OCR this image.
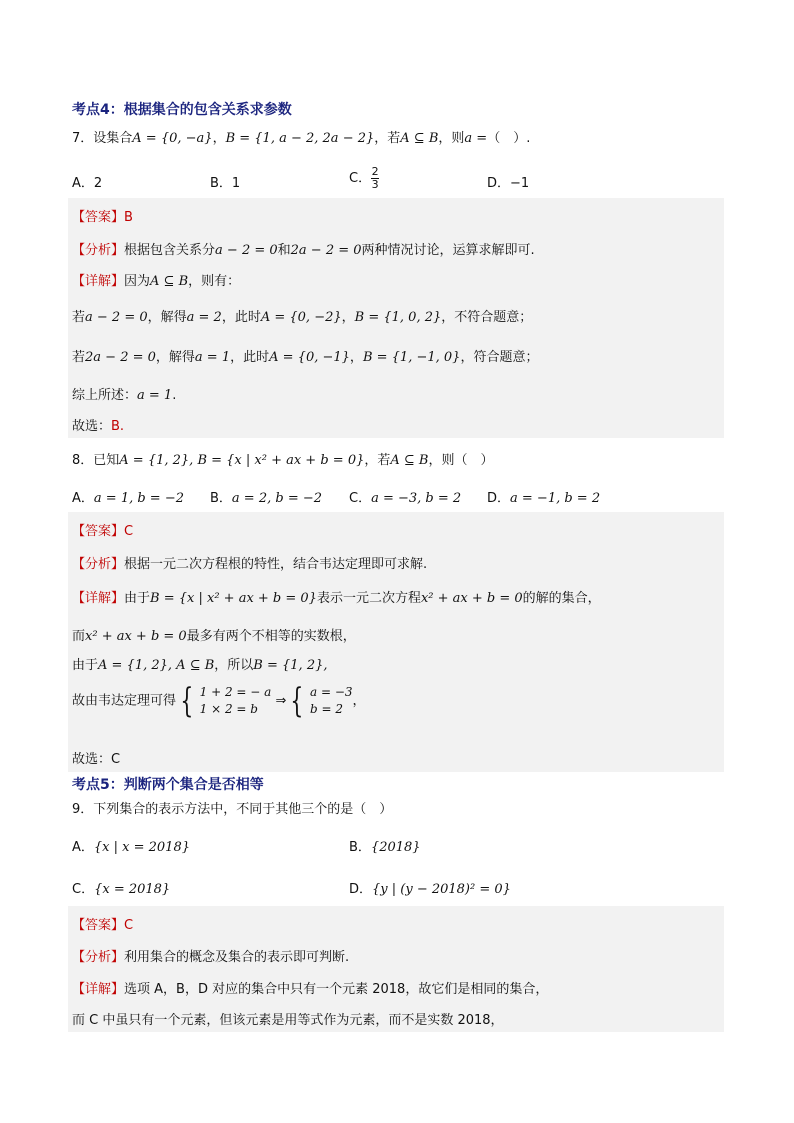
考点4：根据集合的包含关系求参数
7．设集合A = {0, −a}，B = {1, a − 2, 2a − 2}，若A ⊆ B，则a =（　）.
A．2	B．1	C． $\frac{2}{3}$	D．−1
【答案】B
【分析】根据包含关系分a − 2 = 0和2a − 2 = 0两种情况讨论，运算求解即可.
【详解】因为A ⊆ B，则有：
若a − 2 = 0，解得a = 2，此时A = {0, −2}，B = {1, 0, 2}，不符合题意；
若2a − 2 = 0，解得a = 1，此时A = {0, −1}，B = {1, −1, 0}，符合题意；
综上所述：a = 1.
故选：B.
8．已知A = {1, 2}, B = {x | x² + ax + b = 0}，若A ⊆ B，则（　）
A．a = 1, b = −2 B．a = 2, b = −2 C．a = −3, b = 2 D．a = −1, b = 2
【答案】C
【分析】根据一元二次方程根的特性，结合韦达定理即可求解.
【详解】由于B = {x | x² + ax + b = 0}表示一元二次方程x² + ax + b = 0的解的集合，
而x² + ax + b = 0最多有两个不相等的实数根，
由于A = {1, 2}, A ⊆ B，所以B = {1, 2},
故由韦达定理可得 { 1 + 2 = − a
1 × 2 = b
⇒ { a = −3
b = 2
，
故选：C
考点5：判断两个集合是否相等
9．下列集合的表示方法中，不同于其他三个的是（　）
A．{x | x = 2018}	B．{2018}
C．{x = 2018}	D．{y | (y − 2018)² = 0}
【答案】C
【分析】利用集合的概念及集合的表示即可判断.
【详解】选项 A，B，D 对应的集合中只有一个元素 2018，故它们是相同的集合，
而 C 中虽只有一个元素，但该元素是用等式作为元素，而不是实数 2018，
